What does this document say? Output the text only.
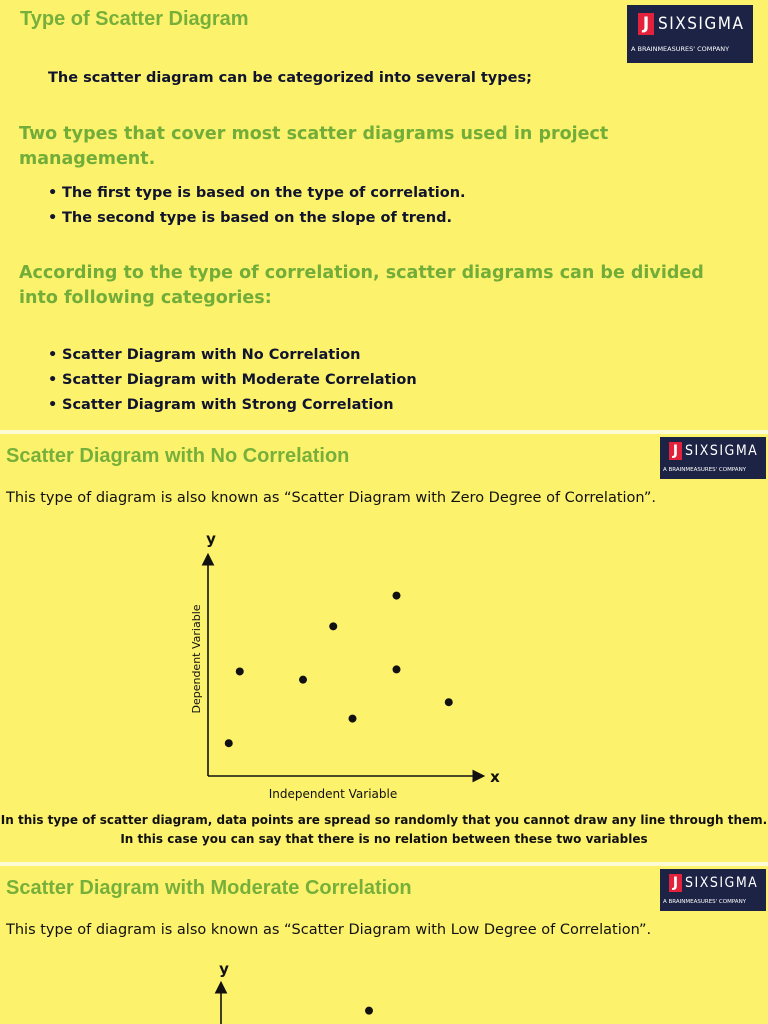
Type of Scatter Diagram	J SIXSIGMA
A BRAINMEASURES' COMPANY
The scatter diagram can be categorized into several types;
Two types that cover most scatter diagrams used in project management.
• The first type is based on the type of correlation.
• The second type is based on the slope of trend.
According to the type of correlation, scatter diagrams can be divided into following categories:
• Scatter Diagram with No Correlation
• Scatter Diagram with Moderate Correlation
• Scatter Diagram with Strong Correlation
Scatter Diagram with No Correlation	J SIXSIGMA
A BRAINMEASURES' COMPANY
This type of diagram is also known as “Scatter Diagram with Zero Degree of Correlation”.
y
x
Independent Variable
Dependent Variable
In this type of scatter diagram, data points are spread so randomly that you cannot draw any line through them.
In this case you can say that there is no relation between these two variables
Scatter Diagram with Moderate Correlation	J SIXSIGMA
A BRAINMEASURES' COMPANY
This type of diagram is also known as “Scatter Diagram with Low Degree of Correlation”.
y
